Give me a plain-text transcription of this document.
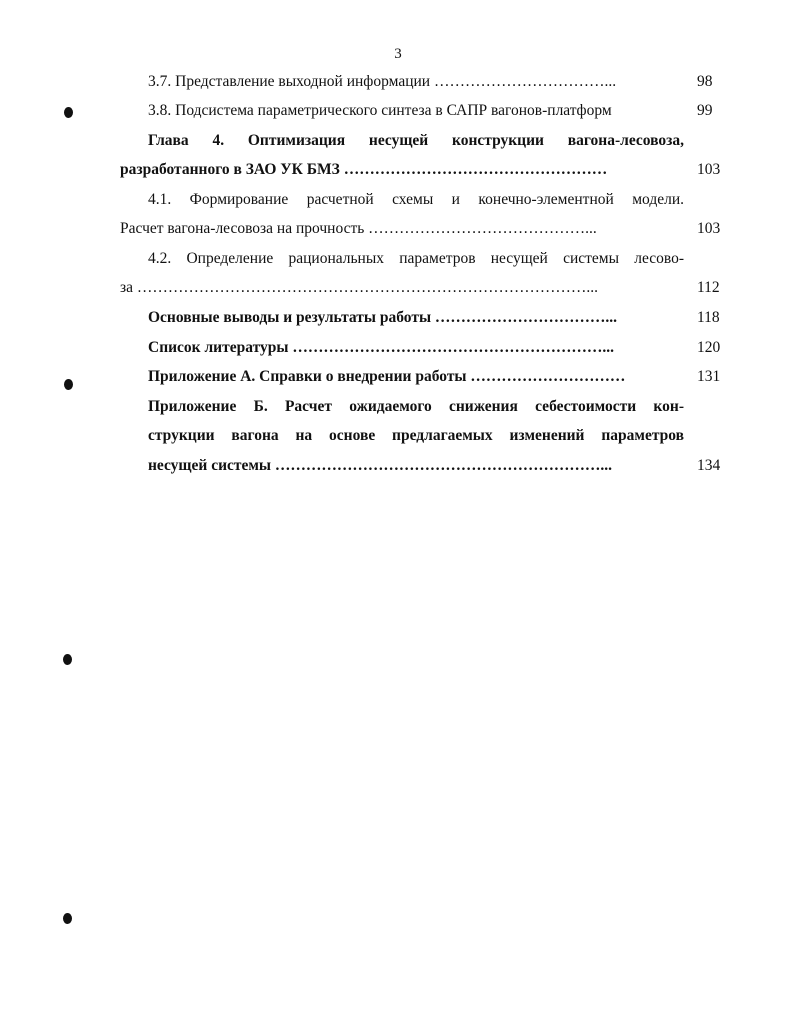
3
3.7. Представление выходной информации ……………………………...	98
3.8. Подсистема параметрического синтеза в САПР вагонов-платформ	99
Глава 4. Оптимизация несущей конструкции вагона-лесовоза,
разработанного в ЗАО УК БМЗ ……………………………………………	103
4.1. Формирование расчетной схемы и конечно-элементной модели.
Расчет вагона-лесовоза на прочность ……………………………………...	103
4.2. Определение рациональных параметров несущей системы лесово-
за ……………………………………………………………………………...	112
Основные выводы и результаты работы ……………………………...	118
Список литературы ……………………………………………………...	120
Приложение А. Справки о внедрении работы …………………………	131
Приложение Б. Расчет ожидаемого снижения себестоимости кон-
струкции вагона на основе предлагаемых изменений параметров
несущей системы ………………………………………………………...	134
